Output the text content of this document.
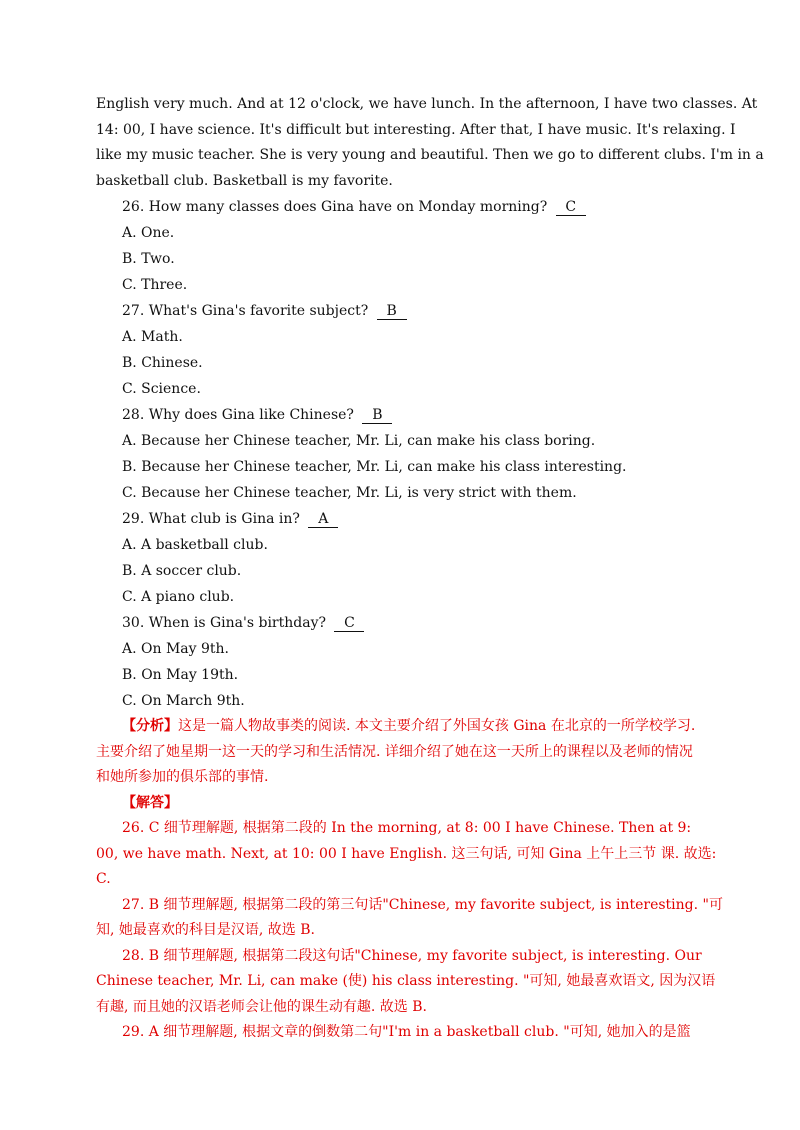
English very much. And at 12 o'clock, we have lunch. In the afternoon, I have two classes. At
14: 00, I have science. It's difficult but interesting. After that, I have music. It's relaxing. I
like my music teacher. She is very young and beautiful. Then we go to different clubs. I'm in a
basketball club. Basketball is my favorite.

26. How many classes does Gina have on Monday morning? C

A. One.

B. Two.

C. Three.

27. What's Gina's favorite subject? B

A. Math.

B. Chinese.

C. Science.

28. Why does Gina like Chinese? B

A. Because her Chinese teacher, Mr. Li, can make his class boring.

B. Because her Chinese teacher, Mr. Li, can make his class interesting.

C. Because her Chinese teacher, Mr. Li, is very strict with them.

29. What club is Gina in? A

A. A basketball club.

B. A soccer club.

C. A piano club.

30. When is Gina's birthday? C

A. On May 9th.

B. On May 19th.

C. On March 9th.

【分析】这是一篇人物故事类的阅读. 本文主要介绍了外国女孩 Gina 在北京的一所学校学习.
主要介绍了她星期一这一天的学习和生活情况. 详细介绍了她在这一天所上的课程以及老师的情况
和她所参加的俱乐部的事情.
【解答】
26. C 细节理解题, 根据第二段的 In the morning, at 8: 00 I have Chinese. Then at 9:
00, we have math. Next, at 10: 00 I have English. 这三句话, 可知 Gina 上午上三节 课. 故选:
C.
27. B 细节理解题, 根据第二段的第三句话"Chinese, my favorite subject, is interesting. "可
知, 她最喜欢的科目是汉语, 故选 B.
28. B 细节理解题, 根据第二段这句话"Chinese, my favorite subject, is interesting. Our
Chinese teacher, Mr. Li, can make (使) his class interesting. "可知, 她最喜欢语文, 因为汉语
有趣, 而且她的汉语老师会让他的课生动有趣. 故选 B.
29. A 细节理解题, 根据文章的倒数第二句"I'm in a basketball club. "可知, 她加入的是篮
